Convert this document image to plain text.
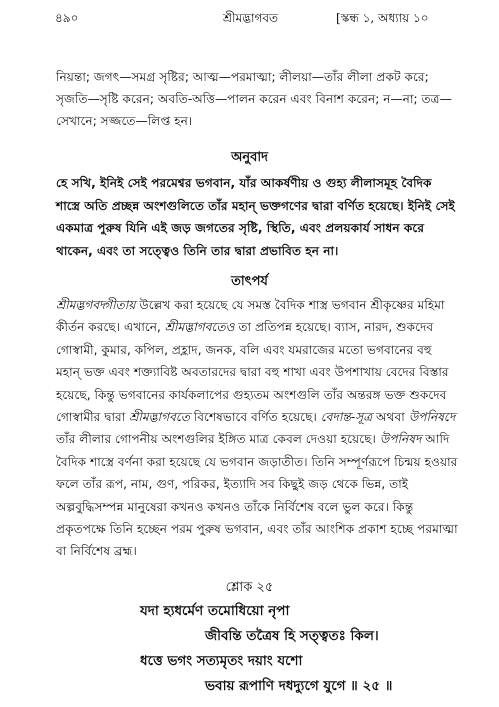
৪৯০	শ্রীমদ্ভাগবত	[স্কন্ধ ১, অধ্যায় ১০

নিয়ন্তা; জগৎ—সমগ্র সৃষ্টির; আত্ম—পরমাত্মা; লীলয়া—তাঁর লীলা প্রকট করে; সৃজতি—সৃষ্টি করেন; অবতি-অত্তি—পালন করেন এবং বিনাশ করেন; ন—না; তত্র—সেখানে; সজ্জতে—লিপ্ত হন।

অনুবাদ

হে সখি, ইনিই সেই পরমেশ্বর ভগবান, যাঁর আকর্ষণীয় ও গুহ্য লীলাসমূহ বৈদিক শাস্ত্রে অতি প্রচ্ছন্ন অংশগুলিতে তাঁর মহান্‌ ভক্তগণের দ্বারা বর্ণিত হয়েছে। ইনিই সেই একমাত্র পুরুষ যিনি এই জড় জগতের সৃষ্টি, স্থিতি, এবং প্রলয়কার্য সাধন করে থাকেন, এবং তা সত্ত্বেও তিনি তার দ্বারা প্রভাবিত হন না।

তাৎপর্য

শ্রীমদ্ভগবদ্গীতায় উল্লেখ করা হয়েছে যে সমস্ত বৈদিক শাস্ত্র ভগবান শ্রীকৃষ্ণের মহিমা কীর্তন করছে। এখানে, শ্রীমদ্ভাগবতেও তা প্রতিপন্ন হয়েছে। ব্যাস, নারদ, শুকদেব গোস্বামী, কুমার, কপিল, প্রহ্লাদ, জনক, বলি এবং যমরাজের মতো ভগবানের বহু মহান্‌ ভক্ত এবং শক্ত্যাবিষ্ট অবতারদের দ্বারা বহু শাখা এবং উপশাখায় বেদের বিস্তার হয়েছে, কিন্তু ভগবানের কার্যকলাপের গুহ্যতম অংশগুলি তাঁর অন্তরঙ্গ ভক্ত শুকদেব গোস্বামীর দ্বারা শ্রীমদ্ভাগবতে বিশেষভাবে বর্ণিত হয়েছে। বেদান্ত-সূত্র অথবা উপনিষদে তাঁর লীলার গোপনীয় অংশগুলির ইঙ্গিত মাত্র কেবল দেওয়া হয়েছে। উপনিষদ আদি বৈদিক শাস্ত্রে বর্ণনা করা হয়েছে যে ভগবান জড়াতীত। তিনি সম্পূর্ণরূপে চিন্ময় হওয়ার ফলে তাঁর রূপ, নাম, গুণ, পরিকর, ইত্যাদি সব কিছুই জড় থেকে ভিন্ন, তাই অল্পবুদ্ধিসম্পন্ন মানুষেরা কখনও কখনও তাঁকে নির্বিশেষ বলে ভুল করে। কিন্তু প্রকৃতপক্ষে তিনি হচ্ছেন পরম পুরুষ ভগবান, এবং তাঁর আংশিক প্রকাশ হচ্ছে পরমাত্মা বা নির্বিশেষ ব্রহ্ম।

শ্লোক ২৫
যদা হ্যধর্মেণ তমোধিয়ো নৃপা
জীবন্তি তত্রৈষ হি সত্ত্বতঃ কিল।
ধত্তে ভগং সত্যমৃতং দয়াং যশো
ভবায় রূপাণি দধদ্যুগে যুগে ॥ ২৫ ॥
